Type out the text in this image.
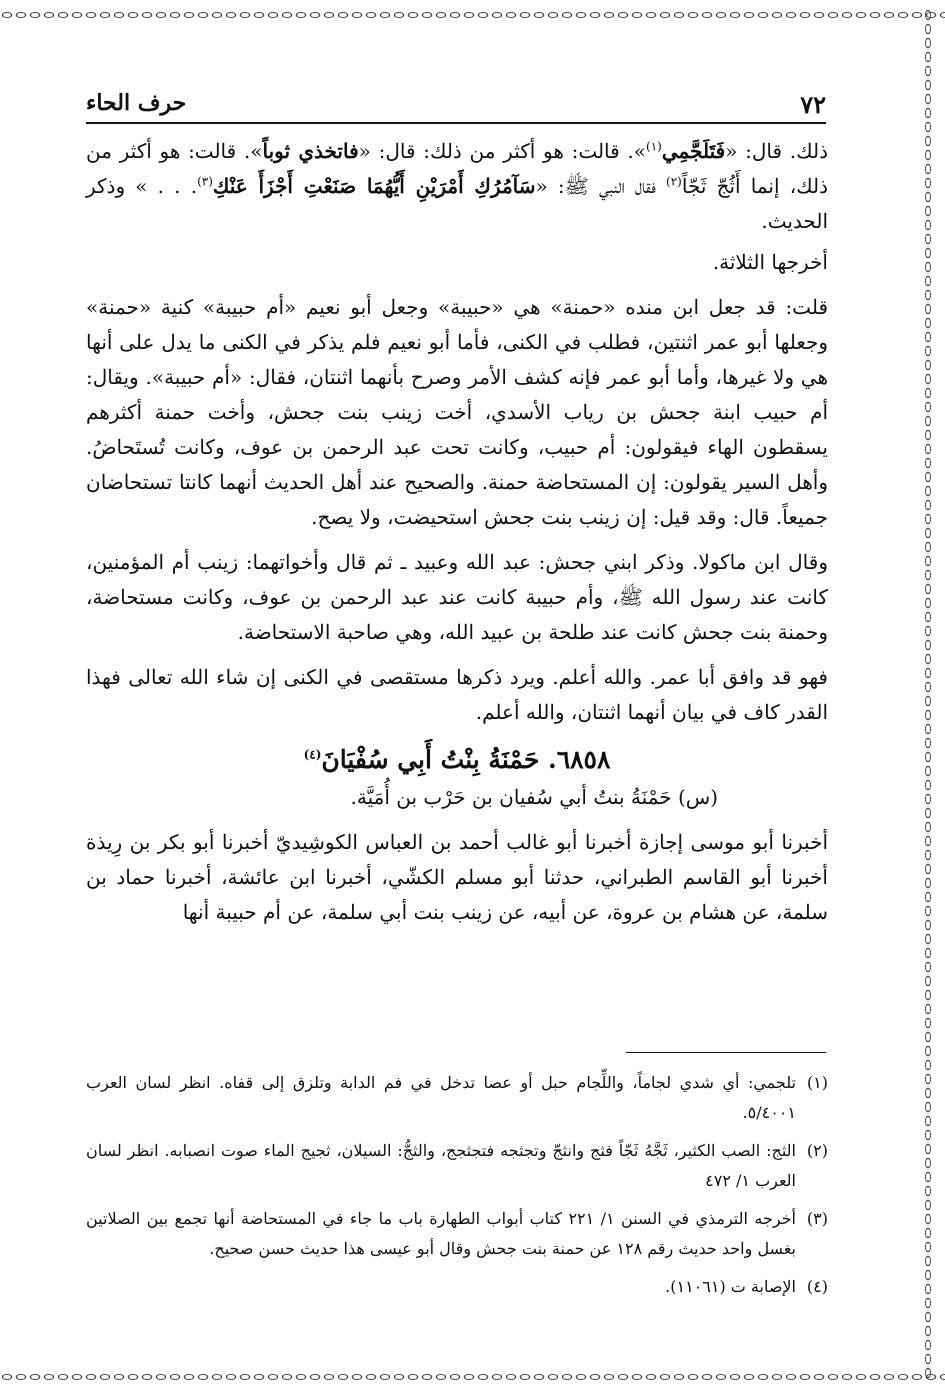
٧٢
حرف الحاء

ذلك. قال: «فَتَلَجَّمِي$^{(١)}$». قالت: هو أكثر من ذلك: قال: «فاتخذي ثوباً». قالت: هو أكثر من ذلك، إنما أَثُجّ ثَجّاً$^{(٢)}$ فقال النبي ﷺ: «سَآمُرُكِ أَمْرَيْنِ أَيُّهُمَا صَنَعْتِ أَجْزَأَ عَنْكِ$^{(٣)}$. . . » وذكر الحديث.

أخرجها الثلاثة.

قلت: قد جعل ابن منده «حمنة» هي «حبيبة» وجعل أبو نعيم «أم حبيبة» كنية «حمنة» وجعلها أبو عمر اثنتين، فطلب في الكنى، فأما أبو نعيم فلم يذكر في الكنى ما يدل على أنها هي ولا غيرها، وأما أبو عمر فإنه كشف الأمر وصرح بأنهما اثنتان، فقال: «أم حبيبة». ويقال: أم حبيب ابنة جحش بن رياب الأسدي، أخت زينب بنت جحش، وأخت حمنة أكثرهم يسقطون الهاء فيقولون: أم حبيب، وكانت تحت عبد الرحمن بن عوف، وكانت تُستَحاضُ. وأهل السير يقولون: إن المستحاضة حمنة. والصحيح عند أهل الحديث أنهما كانتا تستحاضان جميعاً. قال: وقد قيل: إن زينب بنت جحش استحيضت، ولا يصح.

وقال ابن ماكولا. وذكر ابني جحش: عبد الله وعبيد ـ ثم قال وأخواتهما: زينب أم المؤمنين، كانت عند رسول الله ﷺ، وأم حبيبة كانت عند عبد الرحمن بن عوف، وكانت مستحاضة، وحمنة بنت جحش كانت عند طلحة بن عبيد الله، وهي صاحبة الاستحاضة.

فهو قد وافق أبا عمر. والله أعلم. ويرد ذكرها مستقصى في الكنى إن شاء الله تعالى فهذا القدر كاف في بيان أنهما اثنتان، والله أعلم.

٦٨٥٨. حَمْنَةُ بِنْتُ أَبِي سُفْيَانَ$^{(٤)}$

(س) حَمْنَةُ بنتُ أبي سُفيان بن حَرْب بن أُمَيَّة.

أخبرنا أبو موسى إجازة أخبرنا أبو غالب أحمد بن العباس الكوشِيديّ أخبرنا أبو بكر بن رِيذة أخبرنا أبو القاسم الطبراني، حدثنا أبو مسلم الكشّي، أخبرنا ابن عائشة، أخبرنا حماد بن سلمة، عن هشام بن عروة، عن أبيه، عن زينب بنت أبي سلمة، عن أم حبيبة أنها

(١)
تلجمي: أي شدي لجاماً، واللِّجام حبل أو عصا تدخل في فم الدابة وتلزق إلى قفاه. انظر لسان العرب ٥/٤٠٠١.
(٢)
الثج: الصب الكثير، ثَجَّهُ ثَجّاً فثج وانثجّ وتجثجه فتجثجج، والثجُّ: السيلان، ثجيج الماء صوت انصبابه. انظر لسان العرب ١/ ٤٧٢
(٣)
أخرجه الترمذي في السنن ١/ ٢٢١ كتاب أبواب الطهارة باب ما جاء في المستحاضة أنها تجمع بين الصلاتين بغسل واحد حديث رقم ١٢٨ عن حمنة بنت جحش وقال أبو عيسى هذا حديث حسن صحيح.
(٤)
الإصابة ت (١١٠٦١).
